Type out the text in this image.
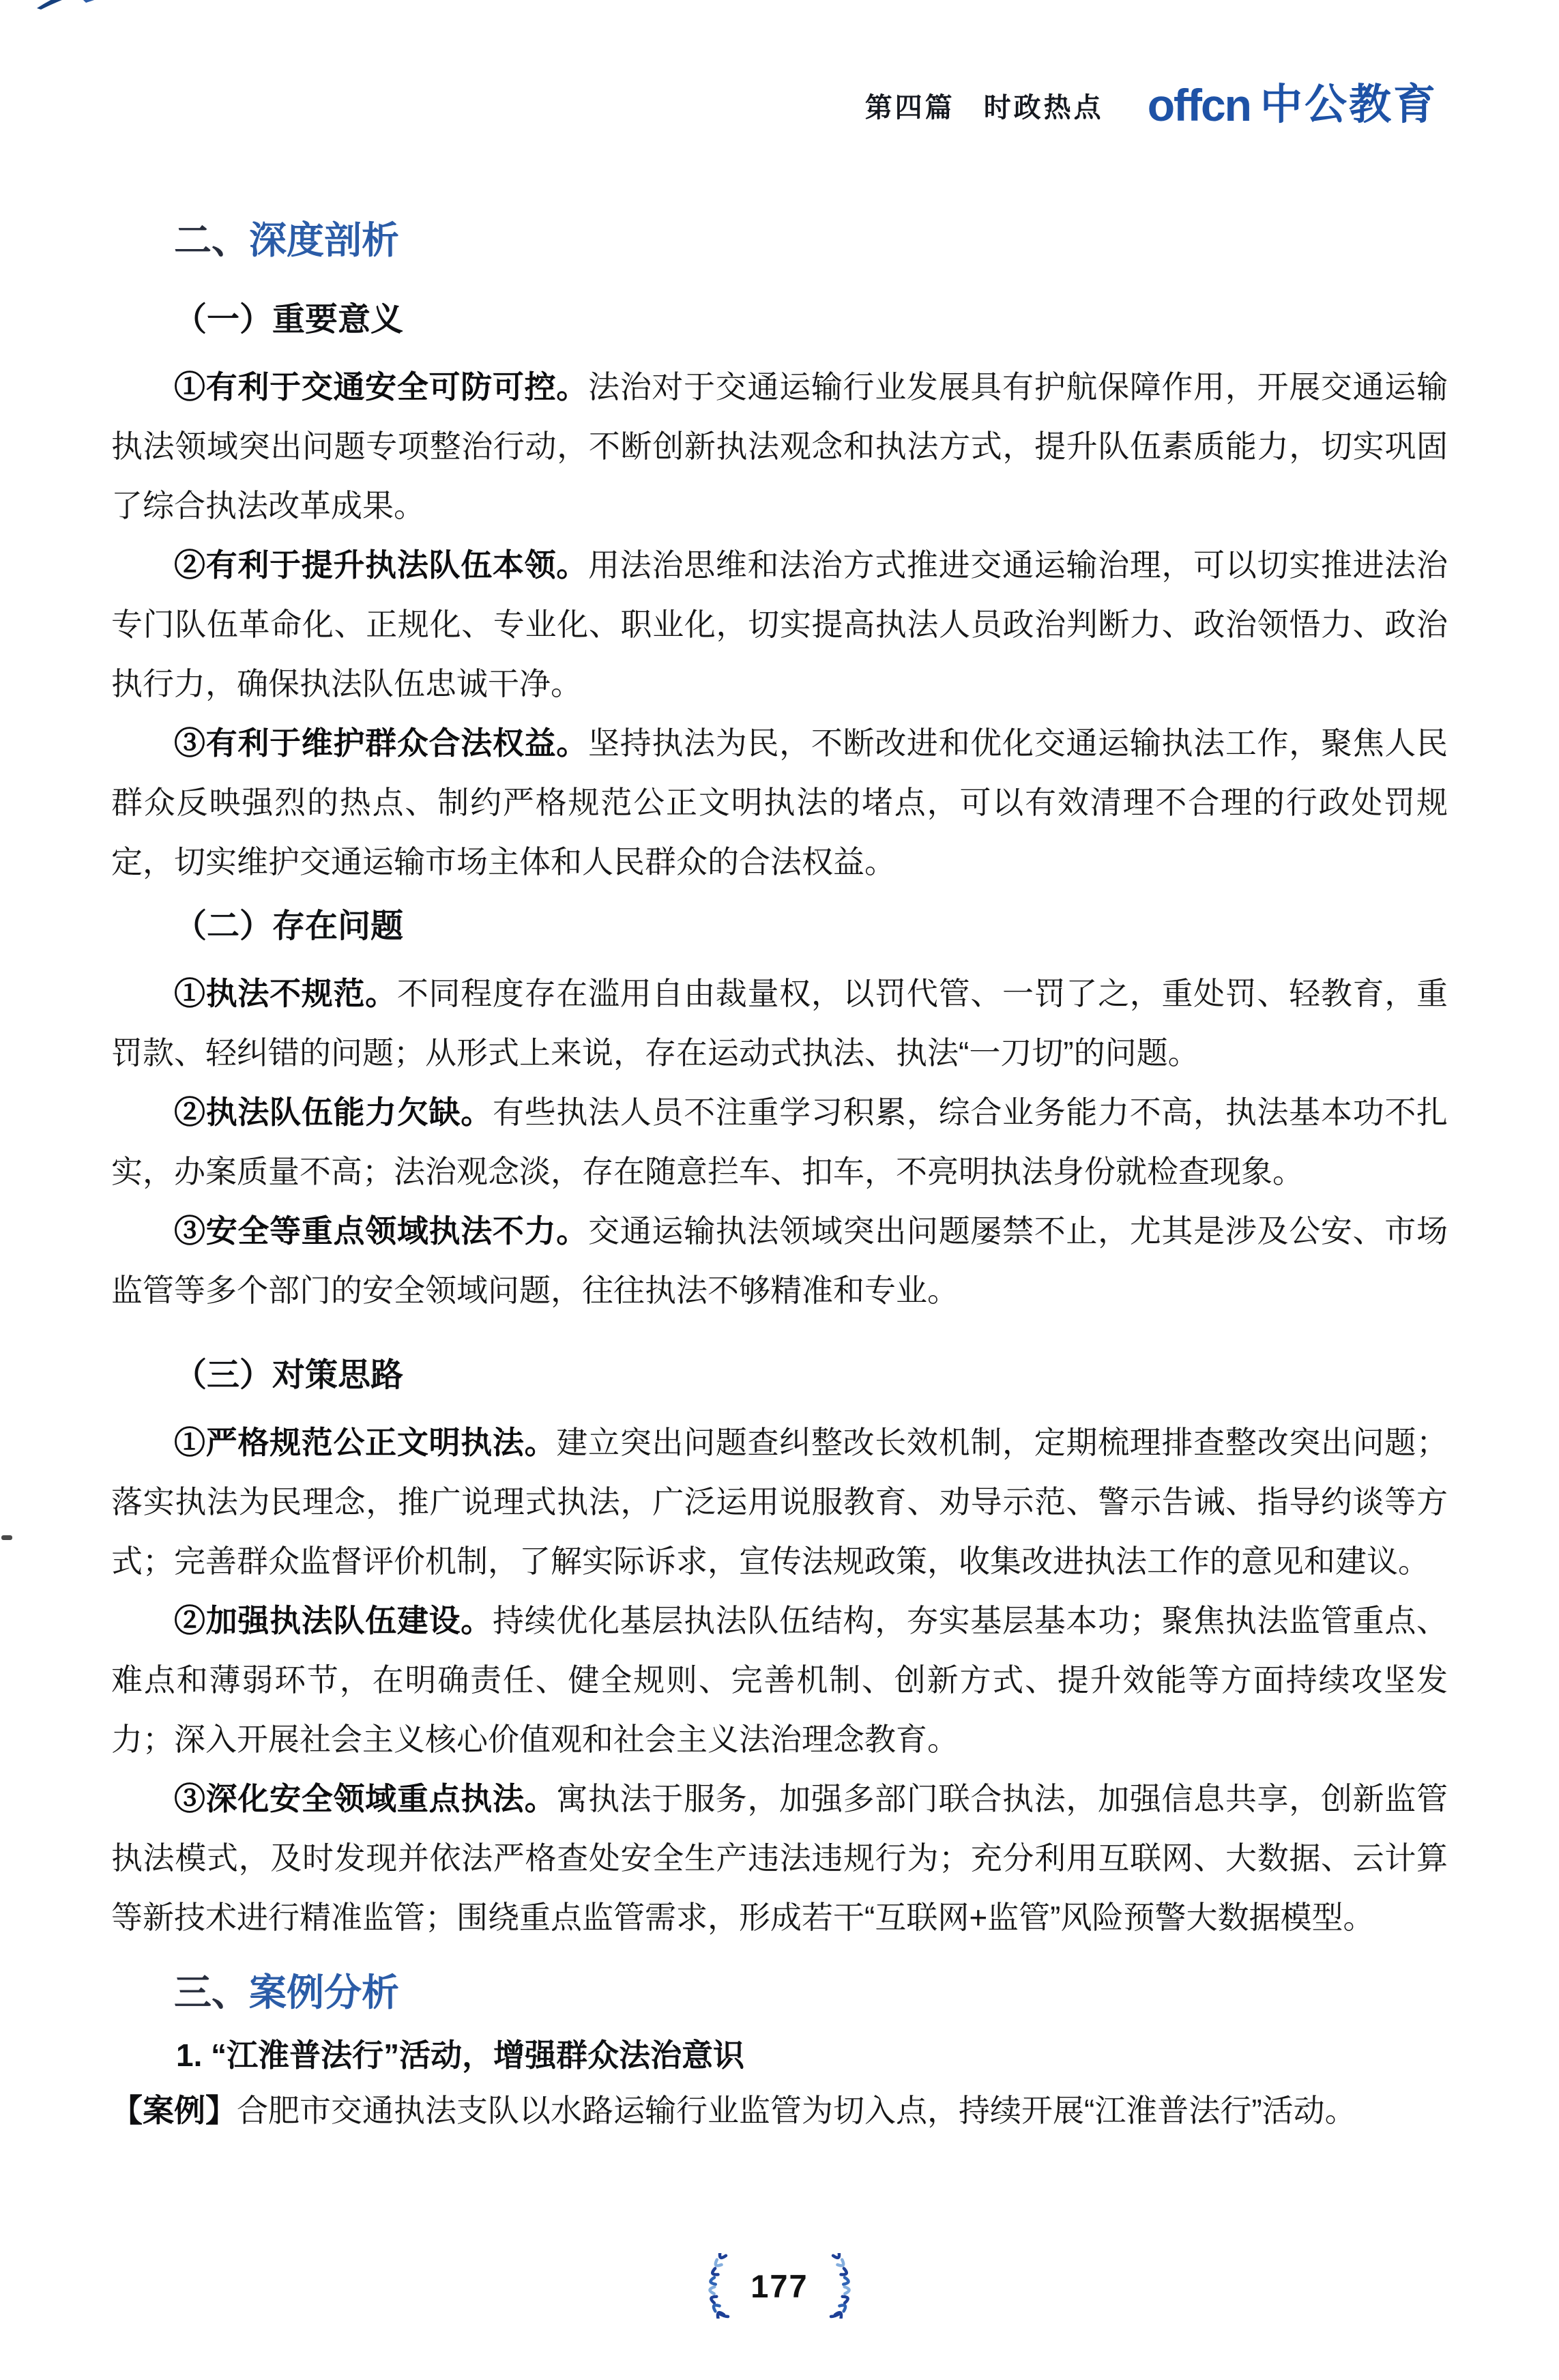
第四篇 时政热点 offcn 中公教育
二、深度剖析
（一）重要意义

①有利于交通安全可防可控。法治对于交通运输行业发展具有护航保障作用，开展交通运输执法领域突出问题专项整治行动，不断创新执法观念和执法方式，提升队伍素质能力，切实巩固了综合执法改革成果。

②有利于提升执法队伍本领。用法治思维和法治方式推进交通运输治理，可以切实推进法治专门队伍革命化、正规化、专业化、职业化，切实提高执法人员政治判断力、政治领悟力、政治执行力，确保执法队伍忠诚干净。

③有利于维护群众合法权益。坚持执法为民，不断改进和优化交通运输执法工作，聚焦人民群众反映强烈的热点、制约严格规范公正文明执法的堵点，可以有效清理不合理的行政处罚规定，切实维护交通运输市场主体和人民群众的合法权益。

（二）存在问题

①执法不规范。不同程度存在滥用自由裁量权，以罚代管、一罚了之，重处罚、轻教育，重罚款、轻纠错的问题；从形式上来说，存在运动式执法、执法“一刀切”的问题。

②执法队伍能力欠缺。有些执法人员不注重学习积累，综合业务能力不高，执法基本功不扎实，办案质量不高；法治观念淡，存在随意拦车、扣车，不亮明执法身份就检查现象。

③安全等重点领域执法不力。交通运输执法领域突出问题屡禁不止，尤其是涉及公安、市场监管等多个部门的安全领域问题，往往执法不够精准和专业。

（三）对策思路

①严格规范公正文明执法。建立突出问题查纠整改长效机制，定期梳理排查整改突出问题；落实执法为民理念，推广说理式执法，广泛运用说服教育、劝导示范、警示告诫、指导约谈等方式；完善群众监督评价机制，了解实际诉求，宣传法规政策，收集改进执法工作的意见和建议。

②加强执法队伍建设。持续优化基层执法队伍结构，夯实基层基本功；聚焦执法监管重点、难点和薄弱环节，在明确责任、健全规则、完善机制、创新方式、提升效能等方面持续攻坚发力；深入开展社会主义核心价值观和社会主义法治理念教育。

③深化安全领域重点执法。寓执法于服务，加强多部门联合执法，加强信息共享，创新监管执法模式，及时发现并依法严格查处安全生产违法违规行为；充分利用互联网、大数据、云计算等新技术进行精准监管；围绕重点监管需求，形成若干“互联网+监管”风险预警大数据模型。

三、案例分析
1. “江淮普法行”活动，增强群众法治意识

【案例】合肥市交通执法支队以水路运输行业监管为切入点，持续开展“江淮普法行”活动。

177
